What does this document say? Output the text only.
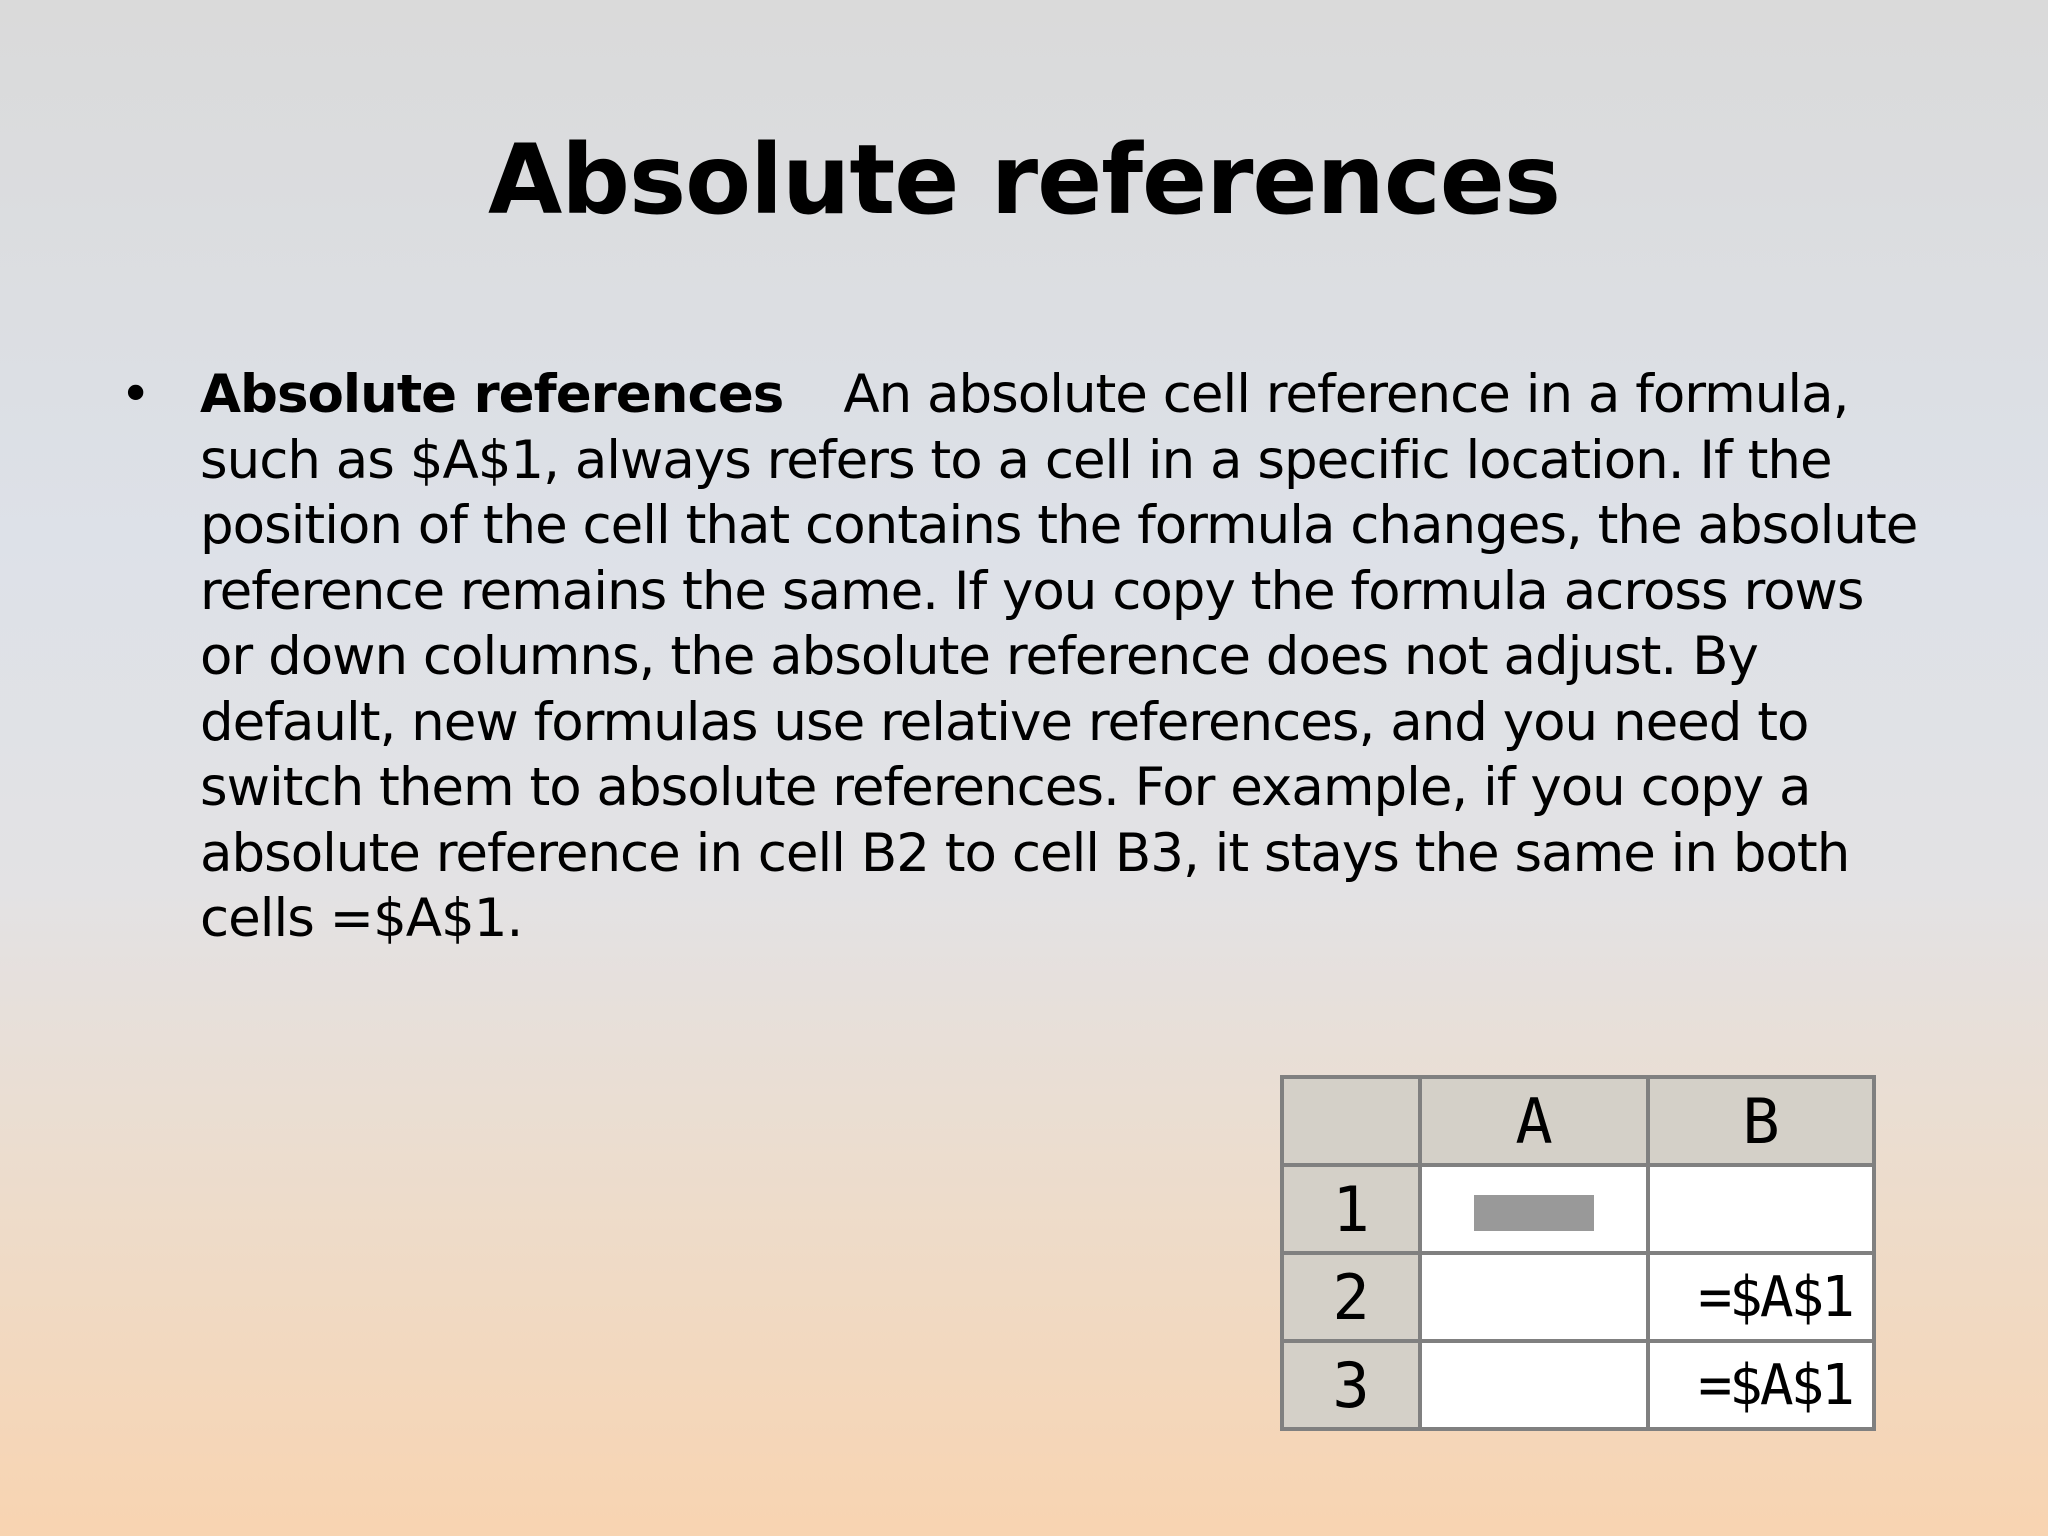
Absolute references
• Absolute references An absolute cell reference in a formula, such as $A$1, always refers to a cell in a specific location. If the position of the cell that contains the formula changes, the absolute reference remains the same. If you copy the formula across rows or down columns, the absolute reference does not adjust. By default, new formulas use relative references, and you need to switch them to absolute references. For example, if you copy a absolute reference in cell B2 to cell B3, it stays the same in both cells =$A$1.
	A	B
1		
2		=$A$1
3		=$A$1
